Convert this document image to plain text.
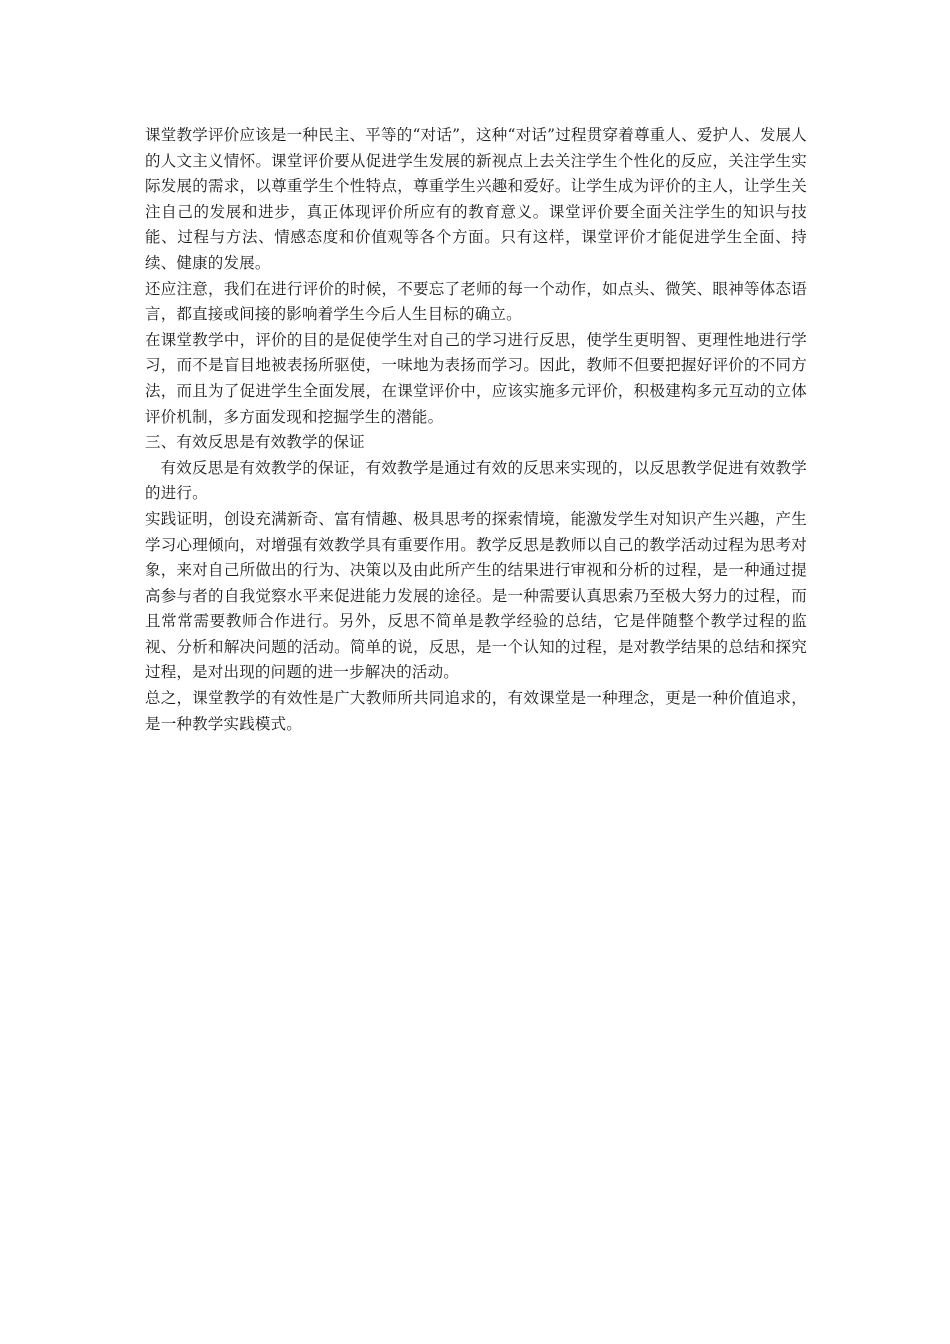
课堂教学评价应该是一种民主、平等的“对话”，这种“对话”过程贯穿着尊重人、爱护人、发展人的人文主义情怀。课堂评价要从促进学生发展的新视点上去关注学生个性化的反应，关注学生实际发展的需求，以尊重学生个性特点，尊重学生兴趣和爱好。让学生成为评价的主人，让学生关注自己的发展和进步，真正体现评价所应有的教育意义。课堂评价要全面关注学生的知识与技能、过程与方法、情感态度和价值观等各个方面。只有这样，课堂评价才能促进学生全面、持续、健康的发展。

还应注意，我们在进行评价的时候，不要忘了老师的每一个动作，如点头、微笑、眼神等体态语言，都直接或间接的影响着学生今后人生目标的确立。

在课堂教学中，评价的目的是促使学生对自己的学习进行反思，使学生更明智、更理性地进行学习，而不是盲目地被表扬所驱使，一味地为表扬而学习。因此，教师不但要把握好评价的不同方法，而且为了促进学生全面发展，在课堂评价中，应该实施多元评价，积极建构多元互动的立体评价机制，多方面发现和挖掘学生的潜能。

三、有效反思是有效教学的保证

有效反思是有效教学的保证，有效教学是通过有效的反思来实现的，以反思教学促进有效教学的进行。

实践证明，创设充满新奇、富有情趣、极具思考的探索情境，能激发学生对知识产生兴趣，产生学习心理倾向，对增强有效教学具有重要作用。教学反思是教师以自己的教学活动过程为思考对象，来对自己所做出的行为、决策以及由此所产生的结果进行审视和分析的过程，是一种通过提高参与者的自我觉察水平来促进能力发展的途径。是一种需要认真思索乃至极大努力的过程，而且常常需要教师合作进行。另外，反思不简单是教学经验的总结，它是伴随整个教学过程的监视、分析和解决问题的活动。简单的说，反思，是一个认知的过程，是对教学结果的总结和探究过程，是对出现的问题的进一步解决的活动。

总之，课堂教学的有效性是广大教师所共同追求的，有效课堂是一种理念，更是一种价值追求，是一种教学实践模式。
